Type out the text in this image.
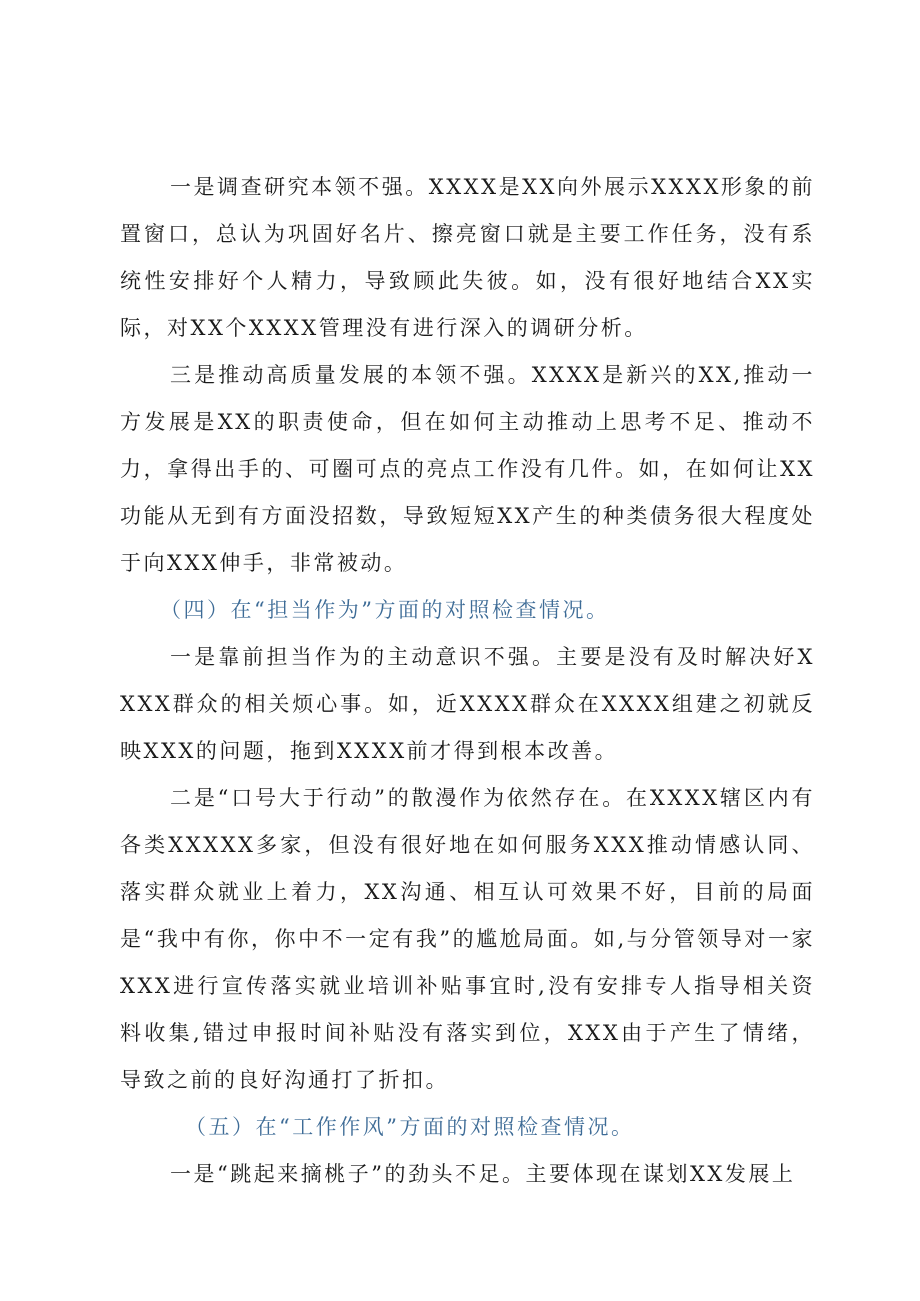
一是调查研究本领不强。XXXX是XX向外展示XXXX形象的前置窗口，总认为巩固好名片、擦亮窗口就是主要工作任务，没有系统性安排好个人精力，导致顾此失彼。如，没有很好地结合XX实际，对XX个XXXX管理没有进行深入的调研分析。

三是推动高质量发展的本领不强。XXXX是新兴的XX,推动一方发展是XX的职责使命，但在如何主动推动上思考不足、推动不力，拿得出手的、可圈可点的亮点工作没有几件。如，在如何让XX功能从无到有方面没招数，导致短短XX产生的种类债务很大程度处于向XXX伸手，非常被动。

（四）在“担当作为”方面的对照检查情况。

一是靠前担当作为的主动意识不强。主要是没有及时解决好XXXX群众的相关烦心事。如，近XXXX群众在XXXX组建之初就反映XXX的问题，拖到XXXX前才得到根本改善。

二是“口号大于行动”的散漫作为依然存在。在XXXX辖区内有各类XXXXX多家，但没有很好地在如何服务XXX推动情感认同、落实群众就业上着力，XX沟通、相互认可效果不好，目前的局面是“我中有你，你中不一定有我”的尴尬局面。如,与分管领导对一家XXX进行宣传落实就业培训补贴事宜时,没有安排专人指导相关资料收集,错过申报时间补贴没有落实到位，XXX由于产生了情绪，导致之前的良好沟通打了折扣。

（五）在“工作作风”方面的对照检查情况。

一是“跳起来摘桃子”的劲头不足。主要体现在谋划XX发展上
